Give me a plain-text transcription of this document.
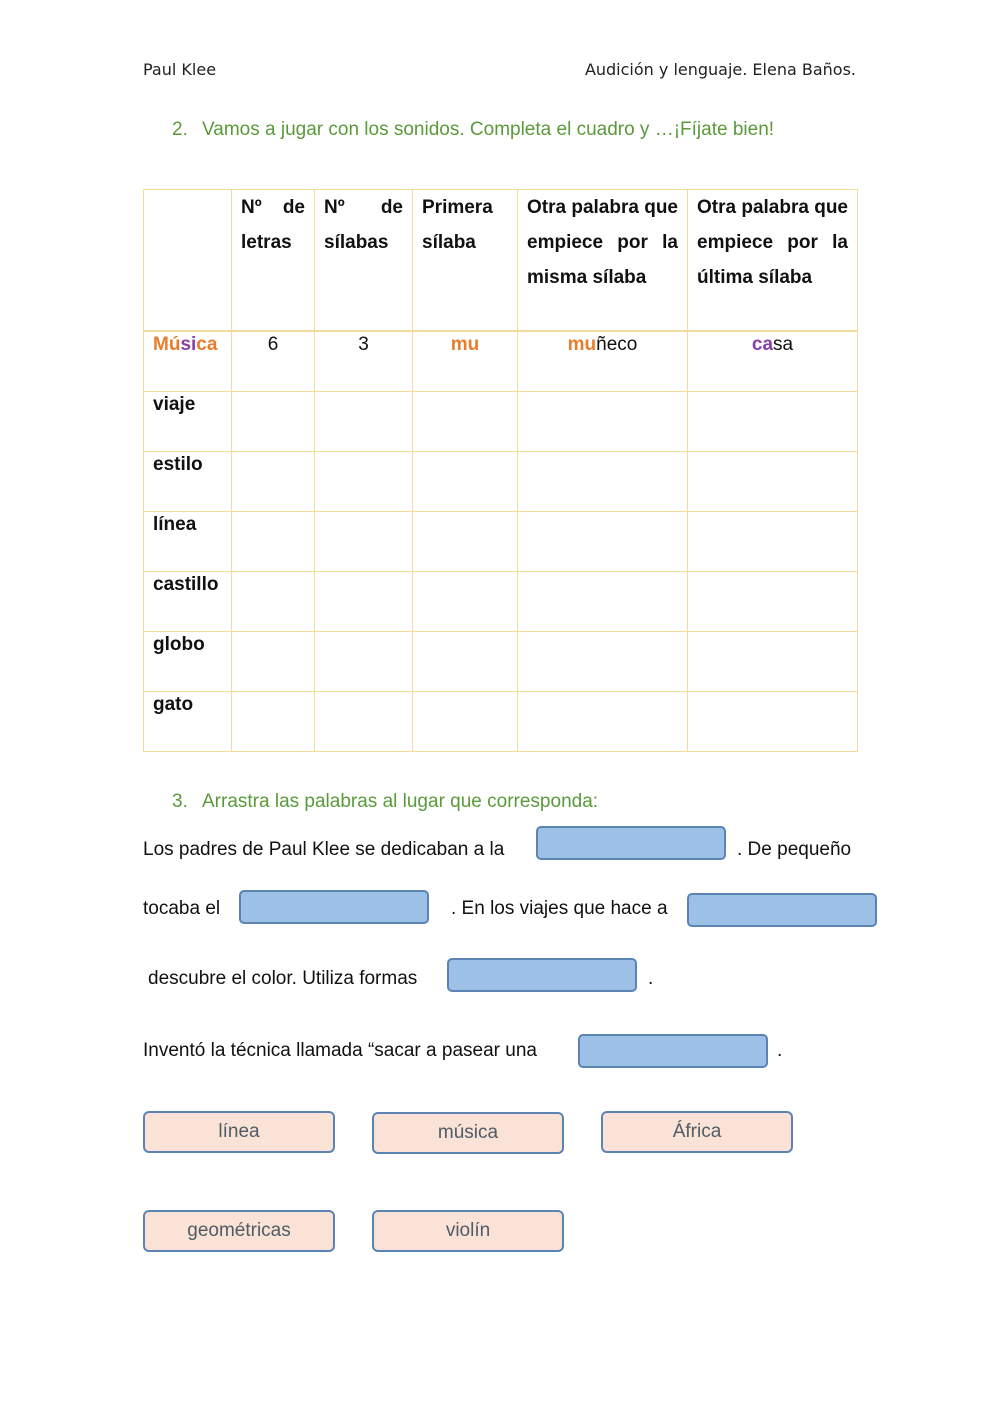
Paul Klee	Audición y lenguaje. Elena Baños.
2. Vamos a jugar con los sonidos. Completa el cuadro y …¡Fíjate bien!
	Nº de letras	Nº de sílabas	Primera sílaba	Otra palabra que empiece por la misma sílaba	Otra palabra que empiece por la última sílaba
Música	6	3	mu	muñeco	casa
viaje					
estilo					
línea					
castillo					
globo					
gato					
3. Arrastra las palabras al lugar que corresponda:
Los padres de Paul Klee se dedicaban a la	. De pequeño
tocaba el	. En los viajes que hace a
descubre el color. Utiliza formas	.
Inventó la técnica llamada “sacar a pasear una	.
línea	música	África
geométricas	violín
